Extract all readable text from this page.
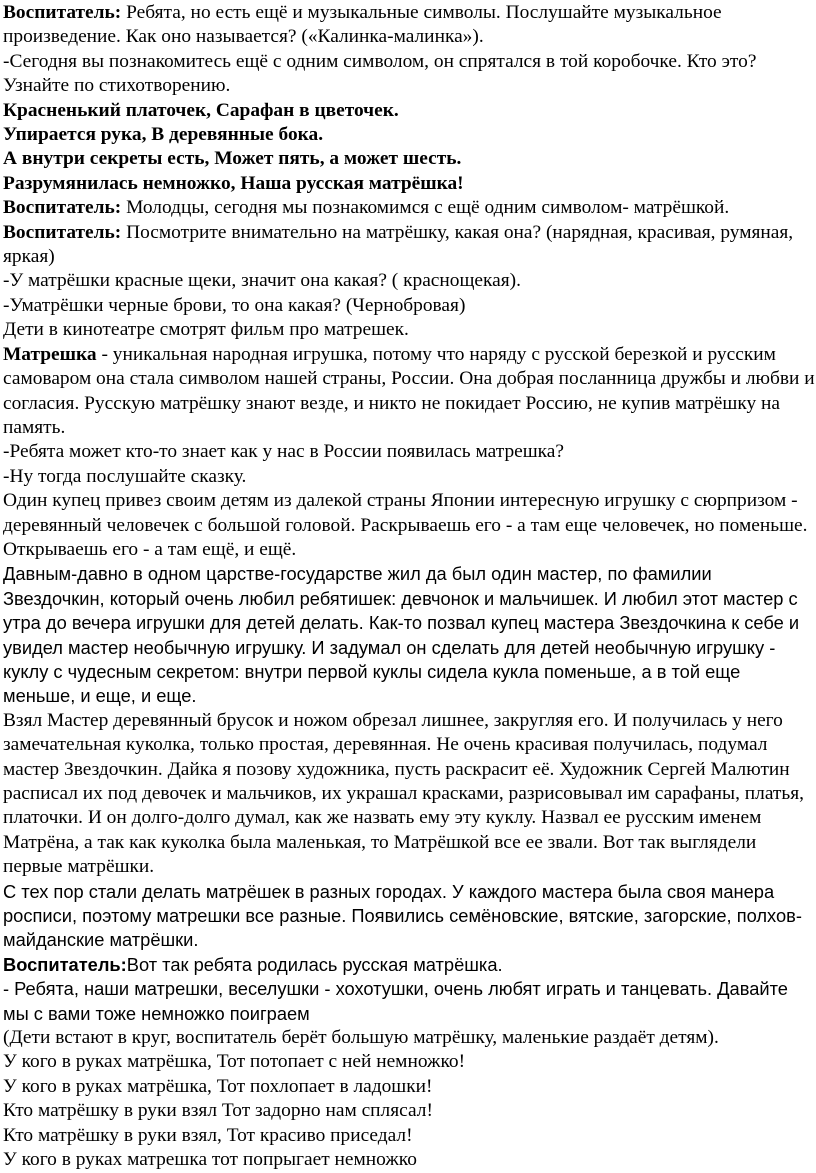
Воспитатель: Ребята, но есть ещё и музыкальные символы. Послушайте музыкальное произведение. Как оно называется? («Калинка-малинка»).

-Сегодня вы познакомитесь ещё с одним символом, он спрятался в той коробочке. Кто это? Узнайте по стихотворению.

Красненький платочек, Сарафан в цветочек.

Упирается рука, В деревянные бока.

А внутри секреты есть, Может пять, а может шесть.

Разрумянилась немножко, Наша русская матрёшка!

Воспитатель: Молодцы, сегодня мы познакомимся с ещё одним символом- матрёшкой.

Воспитатель: Посмотрите внимательно на матрёшку, какая она? (нарядная, красивая, румяная, яркая)

-У матрёшки красные щеки, значит она какая? ( краснощекая).

-Уматрёшки черные брови, то она какая? (Чернобровая)

Дети в кинотеатре смотрят фильм про матрешек.

Матрешка - уникальная народная игрушка, потому что наряду с русской березкой и русским самоваром она стала символом нашей страны, России. Она добрая посланница дружбы и любви и согласия. Русскую матрёшку знают везде, и никто не покидает Россию, не купив матрёшку на память.

-Ребята может кто-то знает как у нас в России появилась матрешка?

-Ну тогда послушайте сказку.

Один купец привез своим детям из далекой страны Японии интересную игрушку с сюрпризом - деревянный человечек с большой головой. Раскрываешь его - а там еще человечек, но поменьше. Открываешь его - а там ещё, и ещё.

Давным-давно в одном царстве-государстве жил да был один мастер, по фамилии Звездочкин, который очень любил ребятишек: девчонок и мальчишек. И любил этот мастер с утра до вечера игрушки для детей делать. Как-то позвал купец мастера Звездочкина к себе и увидел мастер необычную игрушку. И задумал он сделать для детей необычную игрушку - куклу с чудесным секретом: внутри первой куклы сидела кукла поменьше, а в той еще меньше, и еще, и еще.

Взял Мастер деревянный брусок и ножом обрезал лишнее, закругляя его. И получилась у него замечательная куколка, только простая, деревянная. Не очень красивая получилась, подумал мастер Звездочкин. Дайка я позову художника, пусть раскрасит её. Художник Сергей Малютин расписал их под девочек и мальчиков, их украшал красками, разрисовывал им сарафаны, платья, платочки. И он долго-долго думал, как же назвать ему эту куклу. Назвал ее русским именем Матрёна, а так как куколка была маленькая, то Матрёшкой все ее звали. Вот так выглядели первые матрёшки.

С тех пор стали делать матрёшек в разных городах. У каждого мастера была своя манера росписи, поэтому матрешки все разные. Появились семёновские, вятские, загорские, полхов-майданские матрёшки.

Воспитатель:Вот так ребята родилась русская матрёшка.

- Ребята, наши матрешки, веселушки - хохотушки, очень любят играть и танцевать. Давайте мы с вами тоже немножко поиграем

(Дети встают в круг, воспитатель берёт большую матрёшку, маленькие раздаёт детям).

У кого в руках матрёшка, Тот потопает с ней немножко!

У кого в руках матрёшка, Тот похлопает в ладошки!

Кто матрёшку в руки взял Тот задорно нам сплясал!

Кто матрёшку в руки взял, Тот красиво приседал!

У кого в руках матрешка тот попрыгает немножко
